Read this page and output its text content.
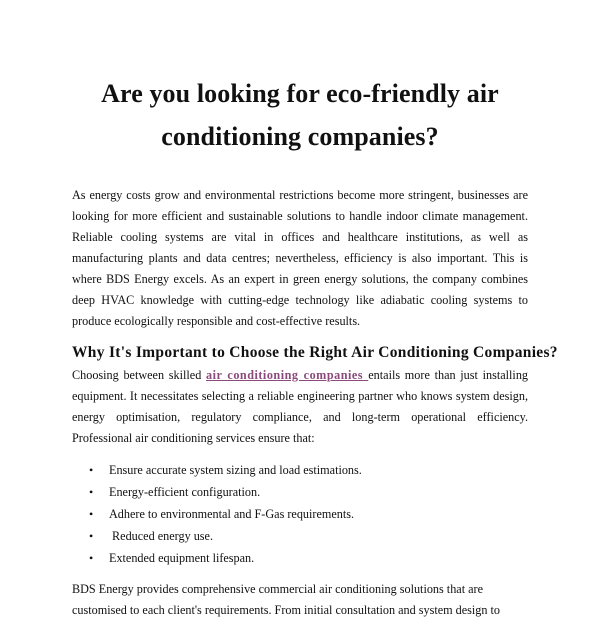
Are you looking for eco-friendly air conditioning companies?

As energy costs grow and environmental restrictions become more stringent, businesses are looking for more efficient and sustainable solutions to handle indoor climate management. Reliable cooling systems are vital in offices and healthcare institutions, as well as manufacturing plants and data centres; nevertheless, efficiency is also important. This is where BDS Energy excels. As an expert in green energy solutions, the company combines deep HVAC knowledge with cutting-edge technology like adiabatic cooling systems to produce ecologically responsible and cost-effective results.

Why It's Important to Choose the Right Air Conditioning Companies?

Choosing between skilled air conditioning companies entails more than just installing equipment. It necessitates selecting a reliable engineering partner who knows system design, energy optimisation, regulatory compliance, and long-term operational efficiency. Professional air conditioning services ensure that:

• Ensure accurate system sizing and load estimations.
• Energy-efficient configuration.
• Adhere to environmental and F-Gas requirements.
• Reduced energy use.
• Extended equipment lifespan.

BDS Energy provides comprehensive commercial air conditioning solutions that are customised to each client's requirements. From initial consultation and system design to
